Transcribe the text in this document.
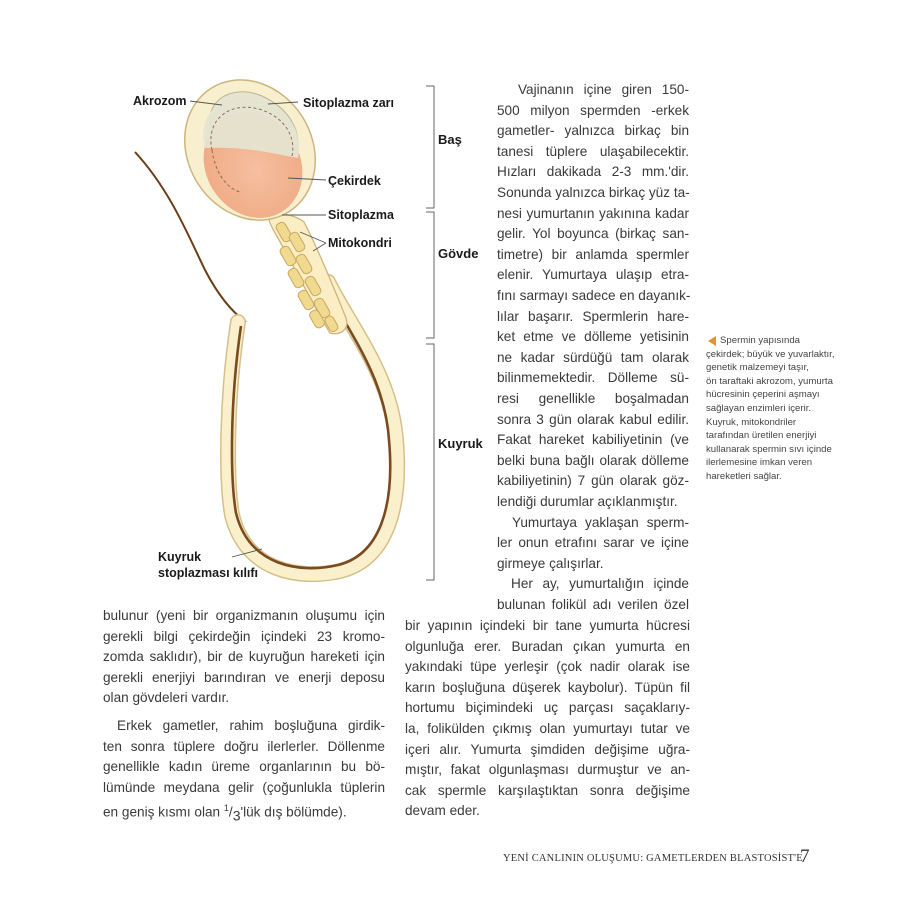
Akrozom	Sitoplazma zarı
Çekirdek
Sitoplazma
Mitokondri
Kuyruk
stoplazması kılıfı
Baş
Gövde
Kuyruk
Spermin yapısında
çekirdek; büyük ve yuvarlaktır,
genetik malzemeyi taşır,
ön taraftaki akrozom, yumurta
hücresinin çeperini aşmayı
sağlayan enzimleri içerir.
Kuyruk, mitokondriler
tarafından üretilen enerjiyi
kullanarak spermin sıvı içinde
ilerlemesine imkan veren
hareketleri sağlar.
Vajinanın içine giren 150-
500 milyon spermden -erkek
gametler- yalnızca birkaç bin
tanesi tüplere ulaşabilecektir.
Hızları dakikada 2-3 mm.'dir.
Sonunda yalnızca birkaç yüz ta-
nesi yumurtanın yakınına kadar
gelir. Yol boyunca (birkaç san-
timetre) bir anlamda spermler
elenir. Yumurtaya ulaşıp etra-
fını sarmayı sadece en dayanık-
lılar başarır. Spermlerin hare-
ket etme ve dölleme yetisinin
ne kadar sürdüğü tam olarak
bilinmemektedir. Dölleme sü-
resi genellikle boşalmadan
sonra 3 gün olarak kabul edilir.
Fakat hareket kabiliyetinin (ve
belki buna bağlı olarak dölleme
kabiliyetinin) 7 gün olarak göz-
lendiği durumlar açıklanmıştır.
Yumurtaya yaklaşan sperm-
ler onun etrafını sarar ve içine
girmeye çalışırlar.
Her ay, yumurtalığın içinde
bulunan folikül adı verilen özel
bir yapının içindeki bir tane yumurta hücresi
olgunluğa erer. Buradan çıkan yumurta en
yakındaki tüpe yerleşir (çok nadir olarak ise
karın boşluğuna düşerek kaybolur). Tüpün fil
hortumu biçimindeki uç parçası saçaklarıy-
la, folikülden çıkmış olan yumurtayı tutar ve
içeri alır. Yumurta şimdiden değişime uğra-
mıştır, fakat olgunlaşması durmuştur ve an-
cak spermle karşılaştıktan sonra değişime
devam eder.
bulunur (yeni bir organizmanın oluşumu için
gerekli bilgi çekirdeğin içindeki 23 kromo-
zomda saklıdır), bir de kuyruğun hareketi için
gerekli enerjiyi barındıran ve enerji deposu
olan gövdeleri vardır.
Erkek gametler, rahim boşluğuna girdik-
ten sonra tüplere doğru ilerlerler. Döllenme
genellikle kadın üreme organlarının bu bö-
lümünde meydana gelir (çoğunlukla tüplerin
en geniş kısmı olan $^1/_3'lük$ dış bölümde).
YENİ CANLININ OLUŞUMU: GAMETLERDEN BLASTOSİST'E
7
